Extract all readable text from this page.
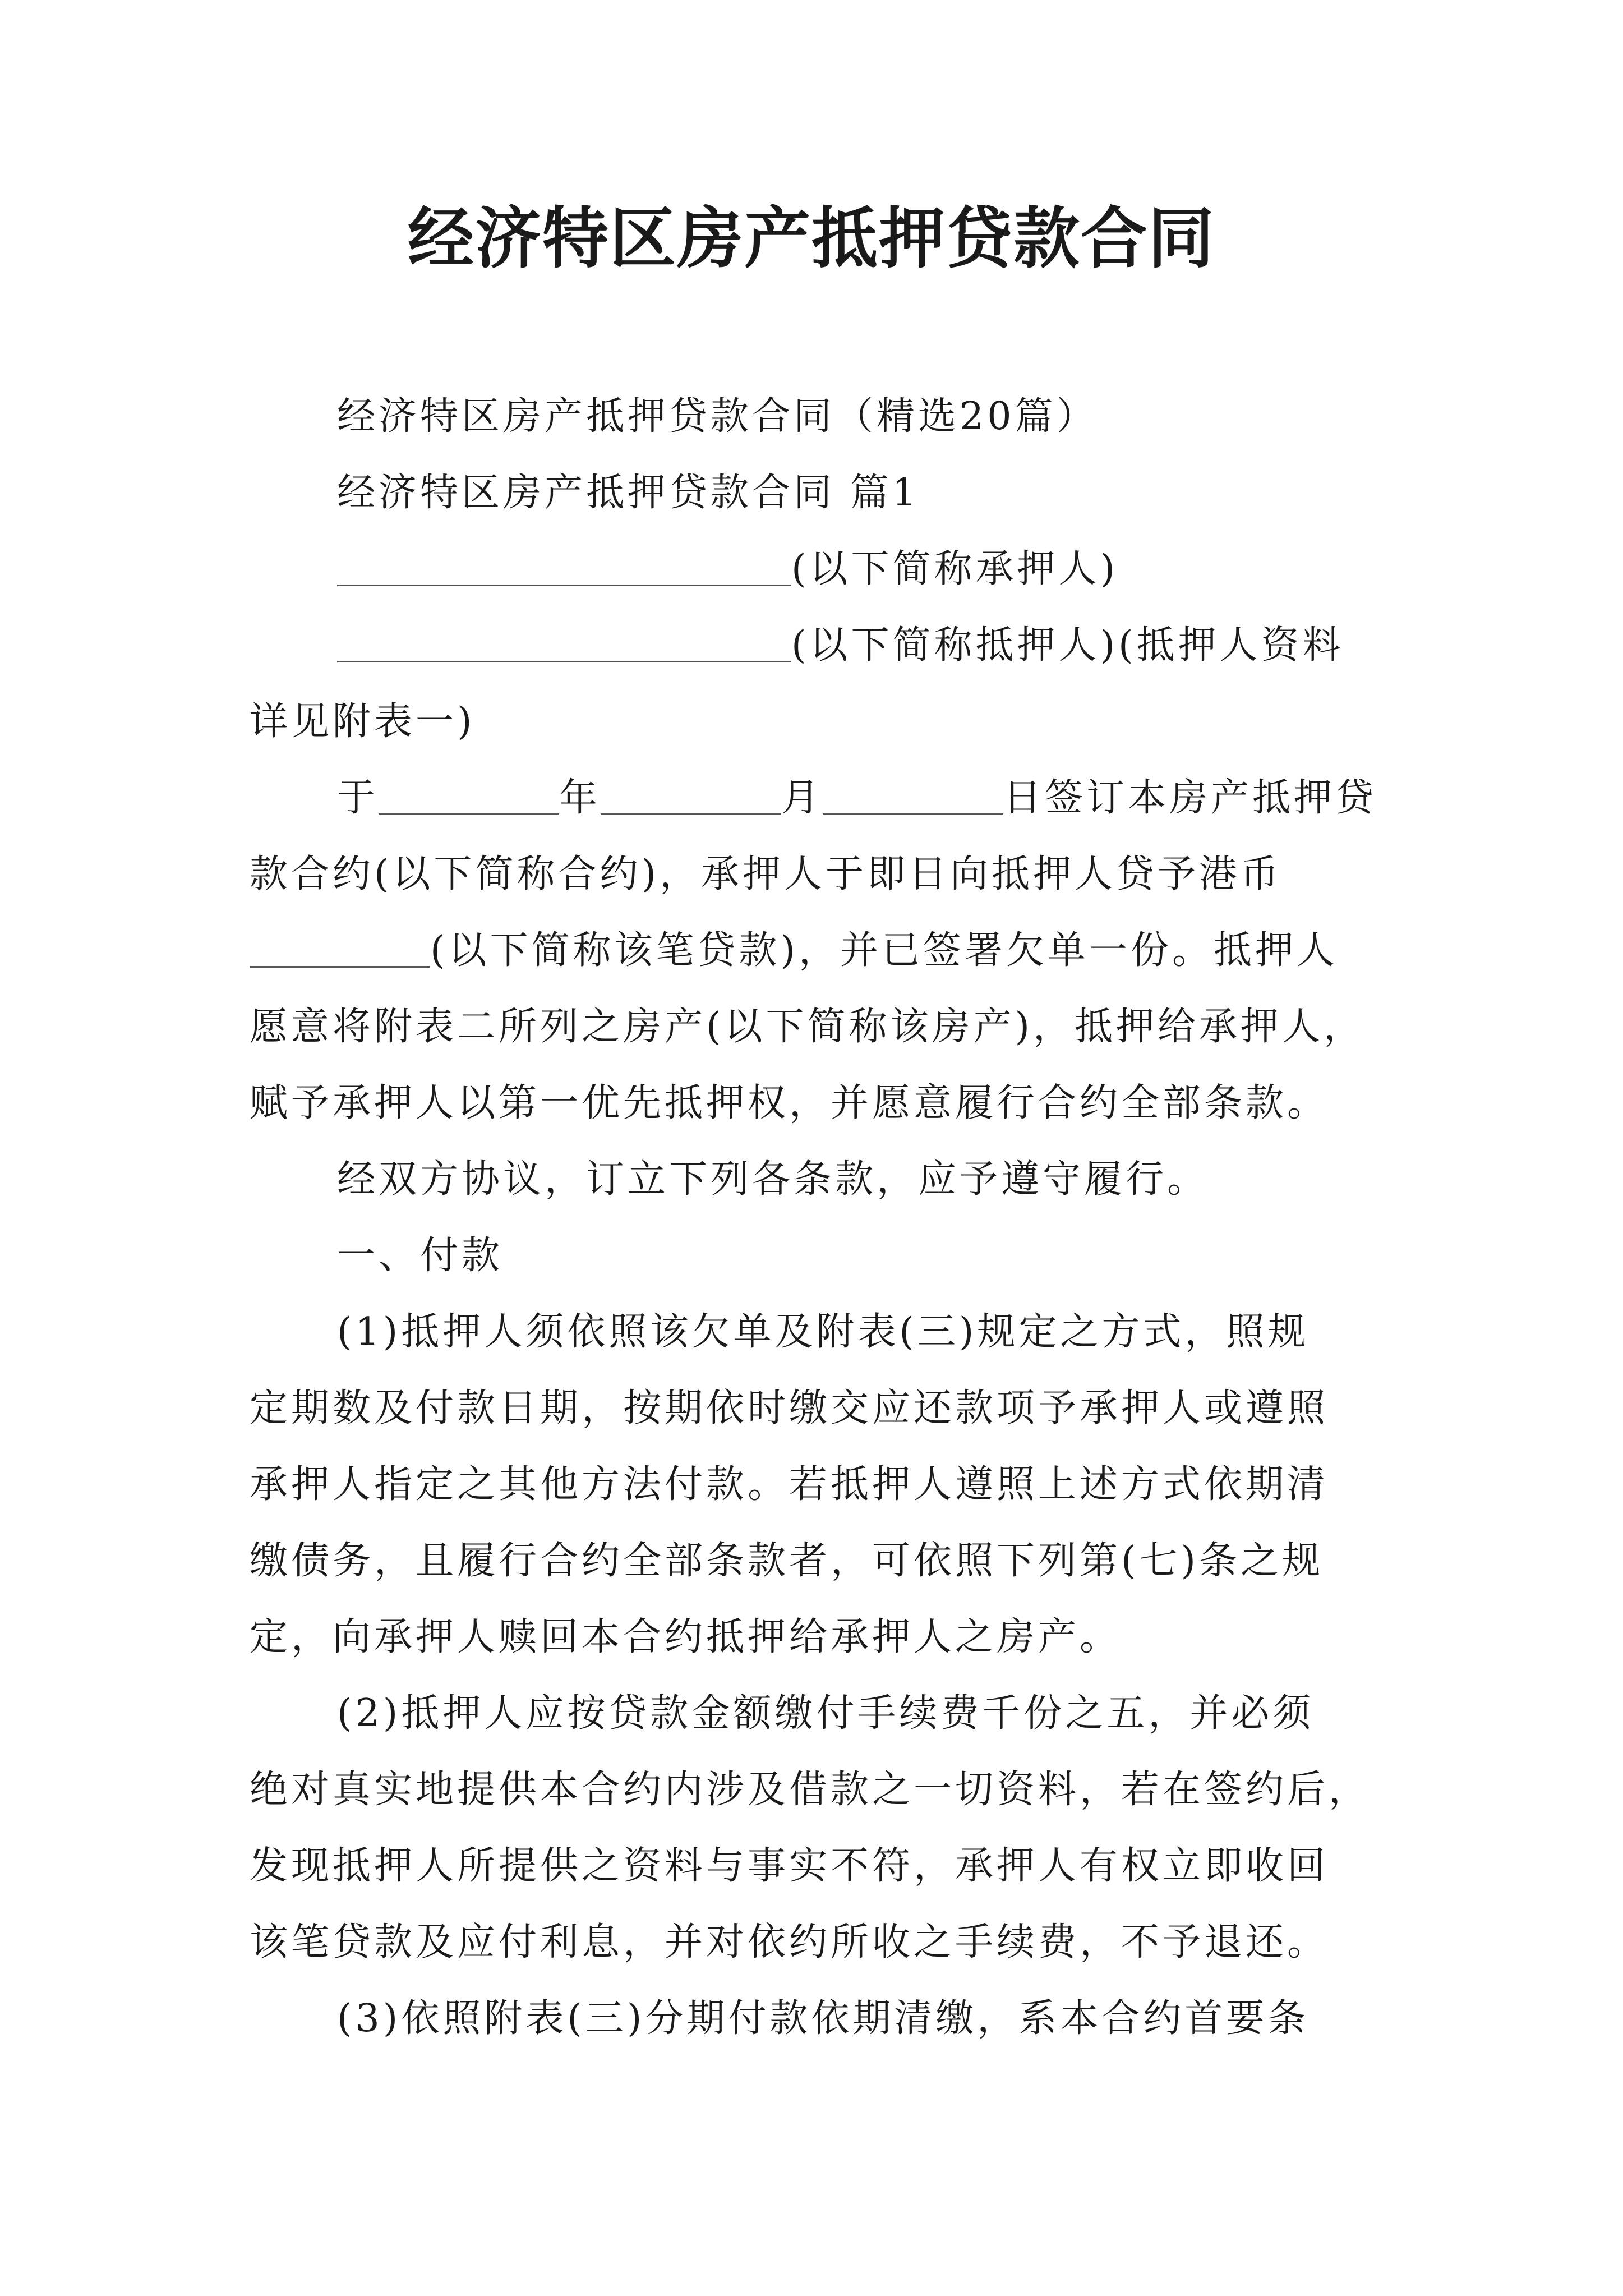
经济特区房产抵押贷款合同
经济特区房产抵押贷款合同（精选20篇）
经济特区房产抵押贷款合同 篇1
(以下简称承押人)
(以下简称抵押人)(抵押人资料
详见附表一)
于	年	月	日签订本房产抵押贷
款合约(以下简称合约)，承押人于即日向抵押人贷予港币
(以下简称该笔贷款)，并已签署欠单一份。抵押人
愿意将附表二所列之房产(以下简称该房产)，抵押给承押人，
赋予承押人以第一优先抵押权，并愿意履行合约全部条款。
经双方协议，订立下列各条款，应予遵守履行。
一、付款
(1)抵押人须依照该欠单及附表(三)规定之方式，照规
定期数及付款日期，按期依时缴交应还款项予承押人或遵照
承押人指定之其他方法付款。若抵押人遵照上述方式依期清
缴债务，且履行合约全部条款者，可依照下列第(七)条之规
定，向承押人赎回本合约抵押给承押人之房产。
(2)抵押人应按贷款金额缴付手续费千份之五，并必须
绝对真实地提供本合约内涉及借款之一切资料，若在签约后，
发现抵押人所提供之资料与事实不符，承押人有权立即收回
该笔贷款及应付利息，并对依约所收之手续费，不予退还。
(3)依照附表(三)分期付款依期清缴，系本合约首要条
